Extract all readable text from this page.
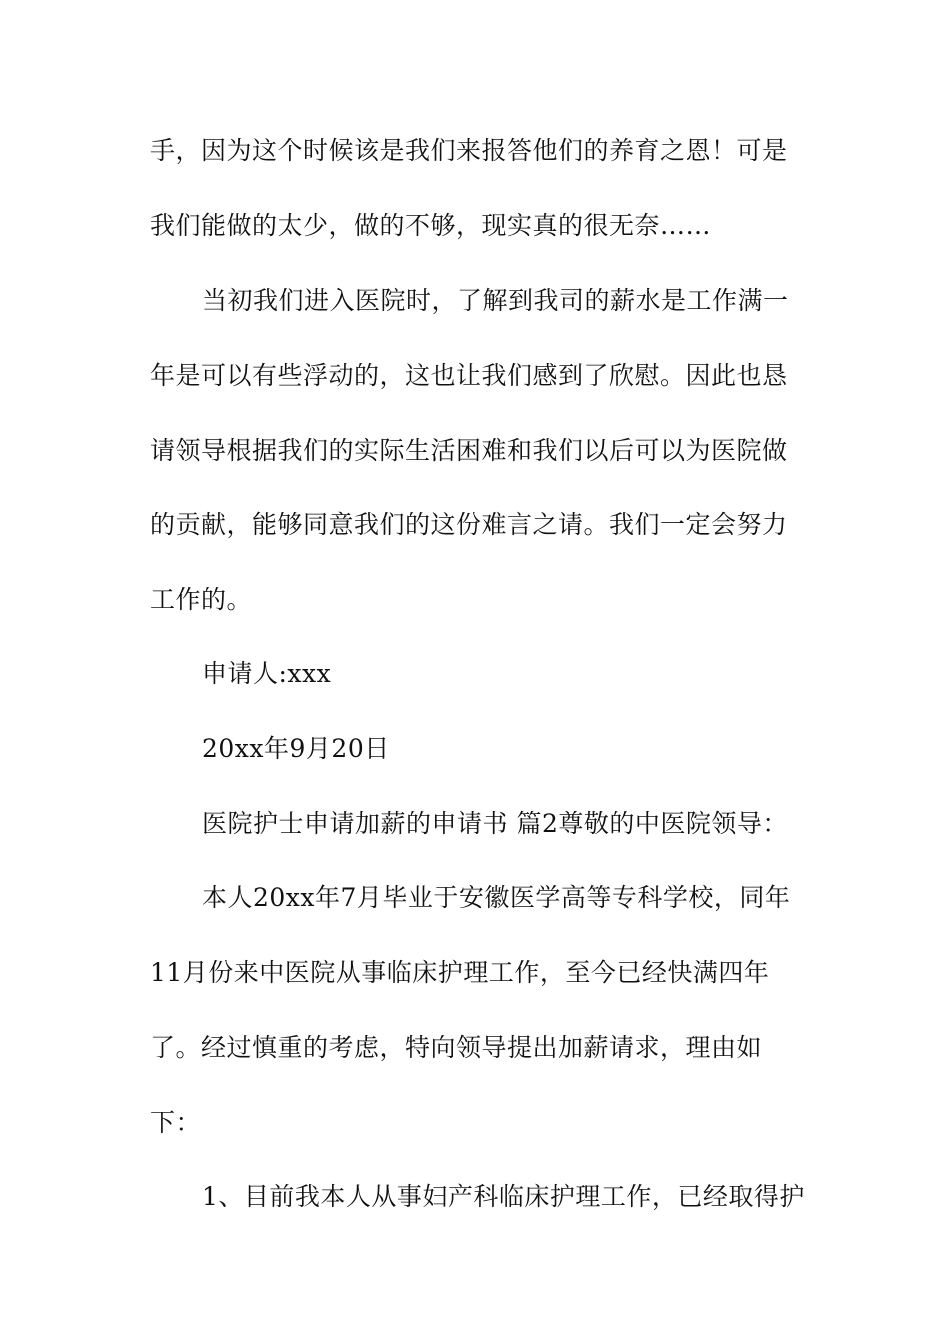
手，因为这个时候该是我们来报答他们的养育之恩！可是
我们能做的太少，做的不够，现实真的很无奈……
当初我们进入医院时，了解到我司的薪水是工作满一
年是可以有些浮动的，这也让我们感到了欣慰。因此也恳
请领导根据我们的实际生活困难和我们以后可以为医院做
的贡献，能够同意我们的这份难言之请。我们一定会努力
工作的。
申请人:xxx
20xx年9月20日
医院护士申请加薪的申请书 篇2尊敬的中医院领导：
本人20xx年7月毕业于安徽医学高等专科学校，同年
11月份来中医院从事临床护理工作，至今已经快满四年
了。经过慎重的考虑，特向领导提出加薪请求，理由如
下：
1、目前我本人从事妇产科临床护理工作，已经取得护
